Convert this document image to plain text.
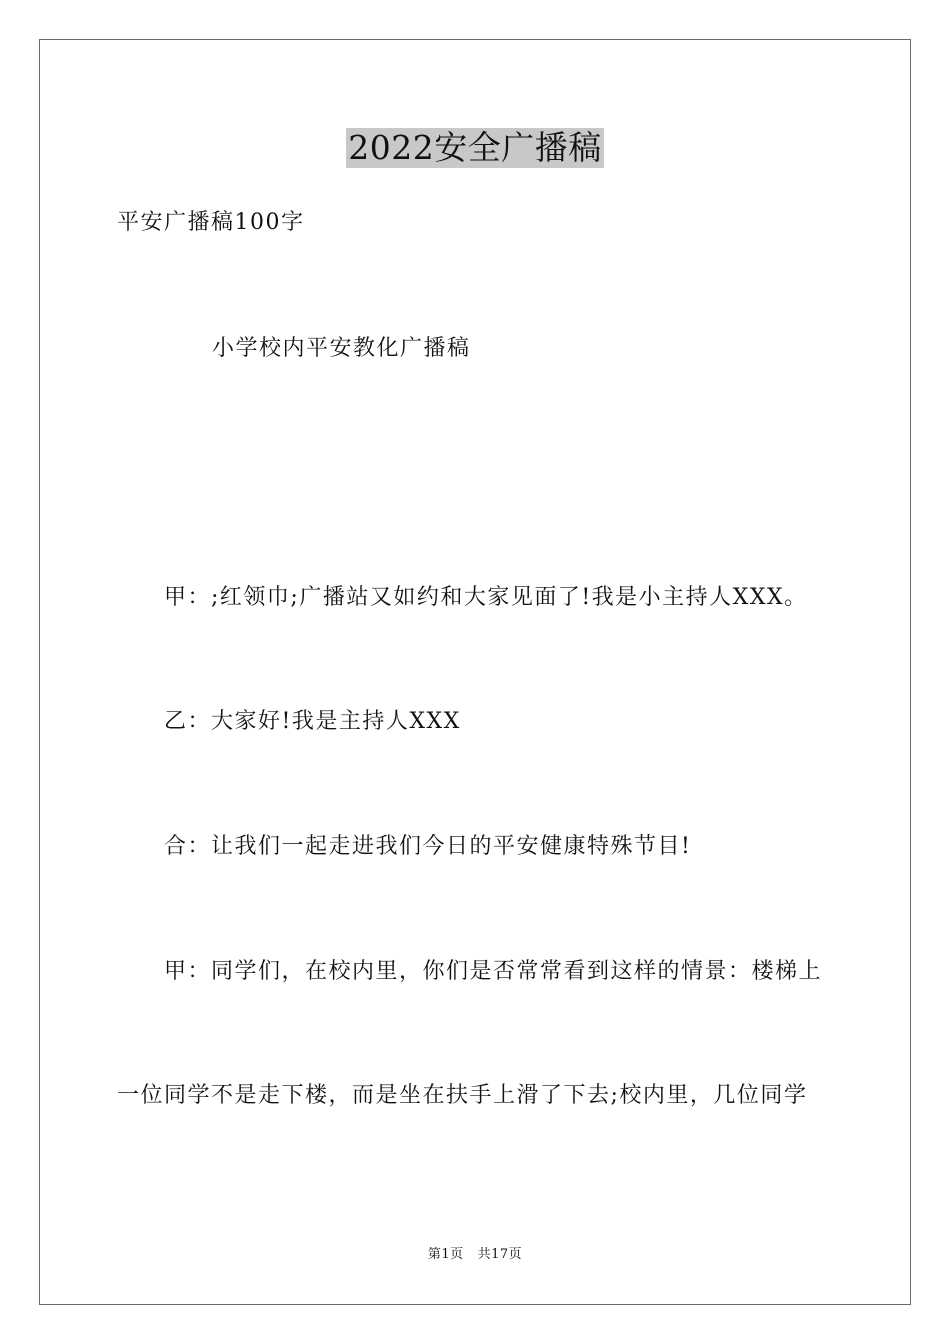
2022安全广播稿
平安广播稿100字
小学校内平安教化广播稿
甲：;红领巾;广播站又如约和大家见面了!我是小主持人XXX。
乙：大家好!我是主持人XXX
合：让我们一起走进我们今日的平安健康特殊节目!
甲：同学们，在校内里，你们是否常常看到这样的情景：楼梯上
一位同学不是走下楼，而是坐在扶手上滑了下去;校内里，几位同学
第1页 共17页
